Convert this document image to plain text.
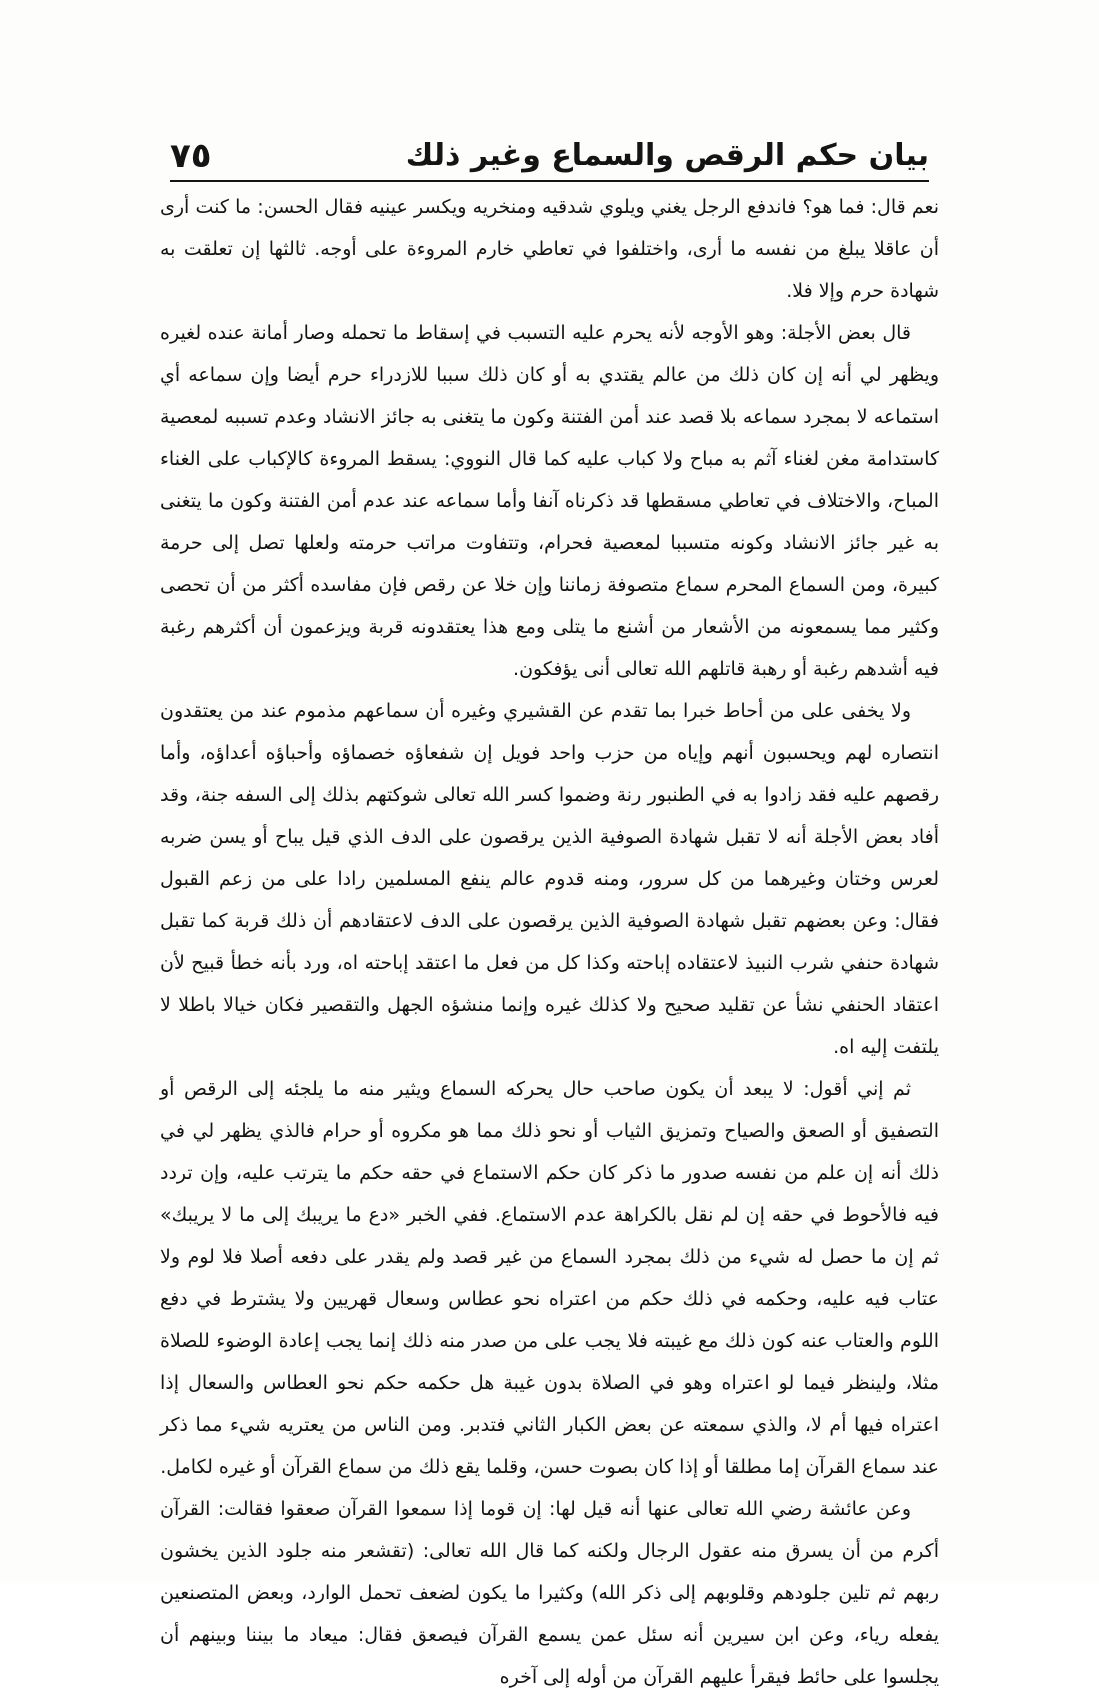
بيان حكم الرقص والسماع وغير ذلك
٧٥

نعم قال: فما هو؟ فاندفع الرجل يغني ويلوي شدقيه ومنخريه ويكسر عينيه فقال الحسن: ما كنت أرى أن عاقلا يبلغ من نفسه ما أرى، واختلفوا في تعاطي خارم المروءة على أوجه. ثالثها إن تعلقت به شهادة حرم وإلا فلا.

قال بعض الأجلة: وهو الأوجه لأنه يحرم عليه التسبب في إسقاط ما تحمله وصار أمانة عنده لغيره ويظهر لي أنه إن كان ذلك من عالم يقتدي به أو كان ذلك سببا للازدراء حرم أيضا وإن سماعه أي استماعه لا بمجرد سماعه بلا قصد عند أمن الفتنة وكون ما يتغنى به جائز الانشاد وعدم تسببه لمعصية كاستدامة مغن لغناء آثم به مباح ولا كباب عليه كما قال النووي: يسقط المروءة كالإكباب على الغناء المباح، والاختلاف في تعاطي مسقطها قد ذكرناه آنفا وأما سماعه عند عدم أمن الفتنة وكون ما يتغنى به غير جائز الانشاد وكونه متسببا لمعصية فحرام، وتتفاوت مراتب حرمته ولعلها تصل إلى حرمة كبيرة، ومن السماع المحرم سماع متصوفة زماننا وإن خلا عن رقص فإن مفاسده أكثر من أن تحصى وكثير مما يسمعونه من الأشعار من أشنع ما يتلى ومع هذا يعتقدونه قربة ويزعمون أن أكثرهم رغبة فيه أشدهم رغبة أو رهبة قاتلهم الله تعالى أنى يؤفكون.

ولا يخفى على من أحاط خبرا بما تقدم عن القشيري وغيره أن سماعهم مذموم عند من يعتقدون انتصاره لهم ويحسبون أنهم وإياه من حزب واحد فويل إن شفعاؤه خصماؤه وأحباؤه أعداؤه، وأما رقصهم عليه فقد زادوا به في الطنبور رنة وضموا كسر الله تعالى شوكتهم بذلك إلى السفه جنة، وقد أفاد بعض الأجلة أنه لا تقبل شهادة الصوفية الذين يرقصون على الدف الذي قيل يباح أو يسن ضربه لعرس وختان وغيرهما من كل سرور، ومنه قدوم عالم ينفع المسلمين رادا على من زعم القبول فقال: وعن بعضهم تقبل شهادة الصوفية الذين يرقصون على الدف لاعتقادهم أن ذلك قربة كما تقبل شهادة حنفي شرب النبيذ لاعتقاده إباحته وكذا كل من فعل ما اعتقد إباحته اه، ورد بأنه خطأ قبيح لأن اعتقاد الحنفي نشأ عن تقليد صحيح ولا كذلك غيره وإنما منشؤه الجهل والتقصير فكان خيالا باطلا لا يلتفت إليه اه.

ثم إني أقول: لا يبعد أن يكون صاحب حال يحركه السماع ويثير منه ما يلجئه إلى الرقص أو التصفيق أو الصعق والصياح وتمزيق الثياب أو نحو ذلك مما هو مكروه أو حرام فالذي يظهر لي في ذلك أنه إن علم من نفسه صدور ما ذكر كان حكم الاستماع في حقه حكم ما يترتب عليه، وإن تردد فيه فالأحوط في حقه إن لم نقل بالكراهة عدم الاستماع. ففي الخبر «دع ما يريبك إلى ما لا يريبك» ثم إن ما حصل له شيء من ذلك بمجرد السماع من غير قصد ولم يقدر على دفعه أصلا فلا لوم ولا عتاب فيه عليه، وحكمه في ذلك حكم من اعتراه نحو عطاس وسعال قهريين ولا يشترط في دفع اللوم والعتاب عنه كون ذلك مع غيبته فلا يجب على من صدر منه ذلك إنما يجب إعادة الوضوء للصلاة مثلا، ولينظر فيما لو اعتراه وهو في الصلاة بدون غيبة هل حكمه حكم نحو العطاس والسعال إذا اعتراه فيها أم لا، والذي سمعته عن بعض الكبار الثاني فتدبر. ومن الناس من يعتريه شيء مما ذكر عند سماع القرآن إما مطلقا أو إذا كان بصوت حسن، وقلما يقع ذلك من سماع القرآن أو غيره لكامل.

وعن عائشة رضي الله تعالى عنها أنه قيل لها: إن قوما إذا سمعوا القرآن صعقوا فقالت: القرآن أكرم من أن يسرق منه عقول الرجال ولكنه كما قال الله تعالى: (تقشعر منه جلود الذين يخشون ربهم ثم تلين جلودهم وقلوبهم إلى ذكر الله) وكثيرا ما يكون لضعف تحمل الوارد، وبعض المتصنعين يفعله رياء، وعن ابن سيرين أنه سئل عمن يسمع القرآن فيصعق فقال: ميعاد ما بيننا وبينهم أن يجلسوا على حائط فيقرأ عليهم القرآن من أوله إلى آخره
